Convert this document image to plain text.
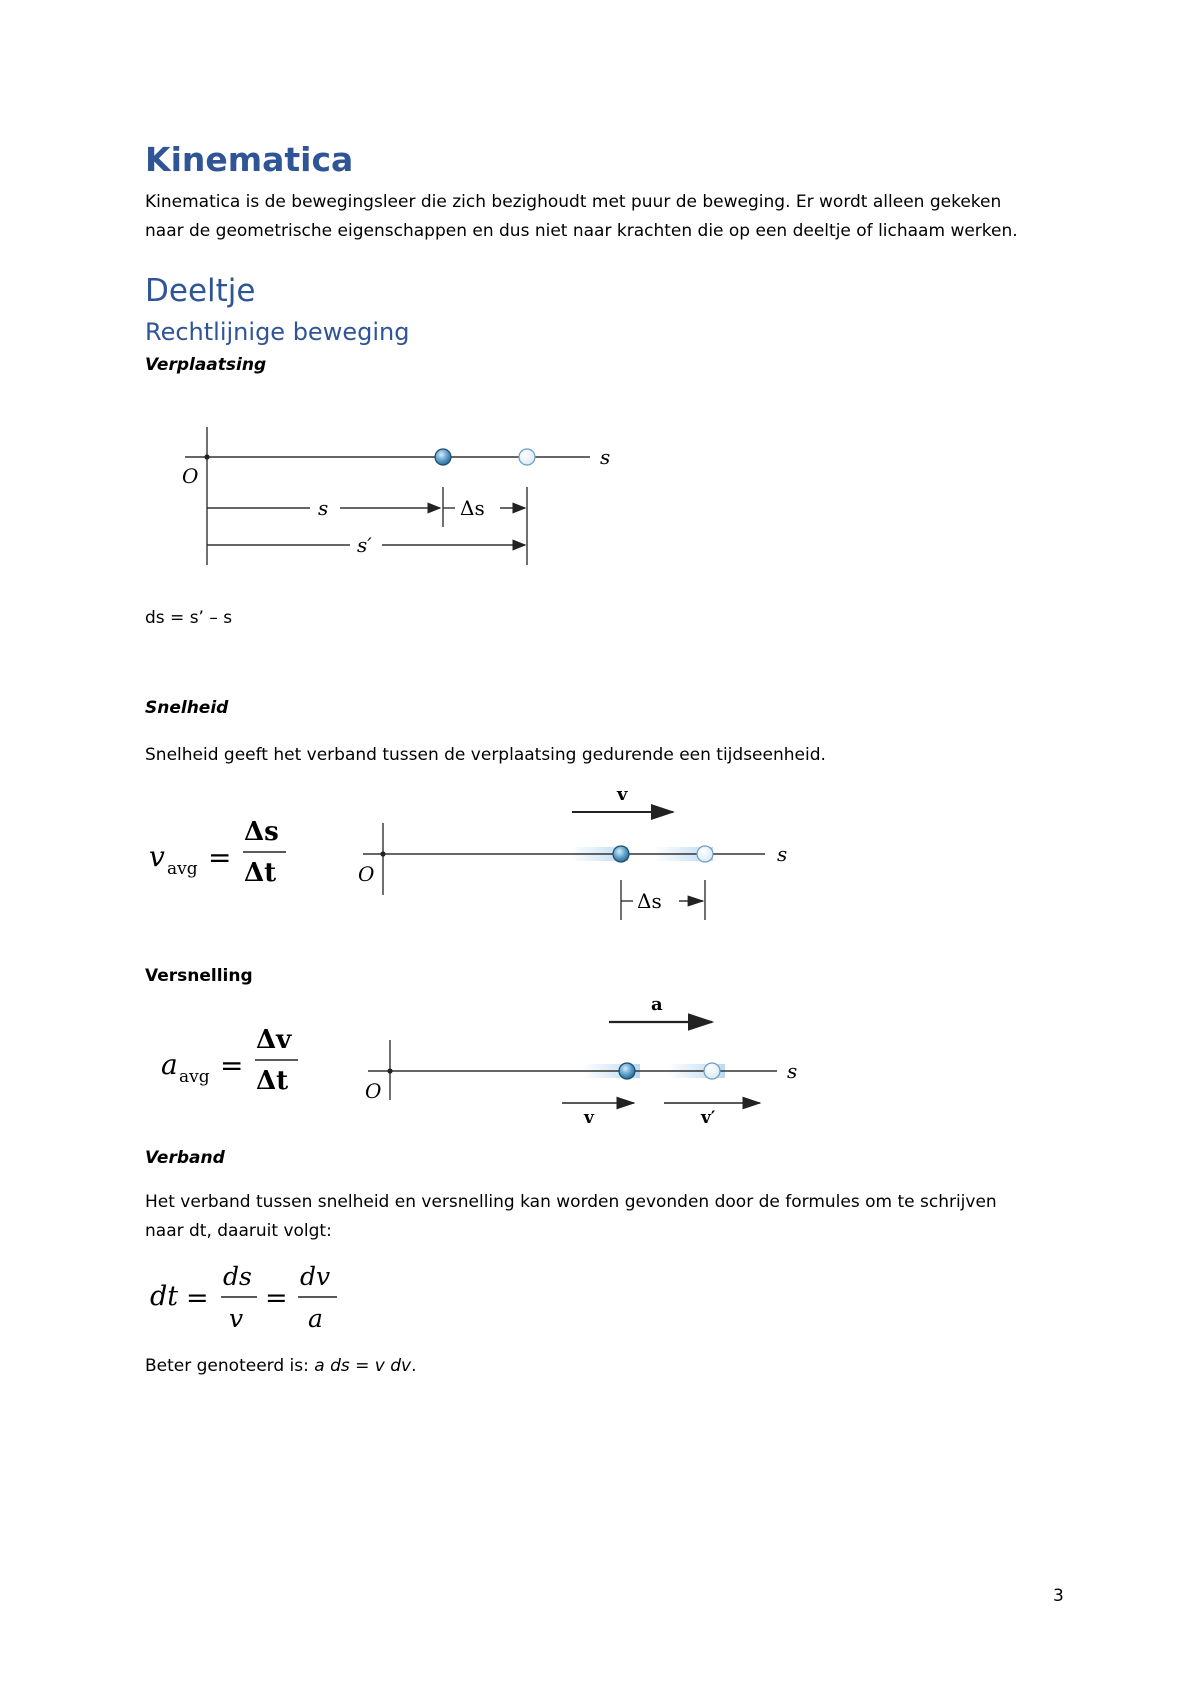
Kinematica
Kinematica is de bewegingsleer die zich bezighoudt met puur de beweging. Er wordt alleen gekeken
naar de geometrische eigenschappen en dus niet naar krachten die op een deeltje of lichaam werken.
Deeltje
Rechtlijnige beweging
Verplaatsing
O
s
s	Δs
s′
ds = s’ – s
Snelheid
Snelheid geeft het verband tussen de verplaatsing gedurende een tijdseenheid.
v avg =
Δs
Δt
v
O
s
Δs
Versnelling
a avg =
Δv
Δt
a
O
s
v	v′
Verband
Het verband tussen snelheid en versnelling kan worden gevonden door de formules om te schrijven
naar dt, daaruit volgt:
dt =
ds
v
=
dv
a
Beter genoteerd is: a ds = v dv.
3
